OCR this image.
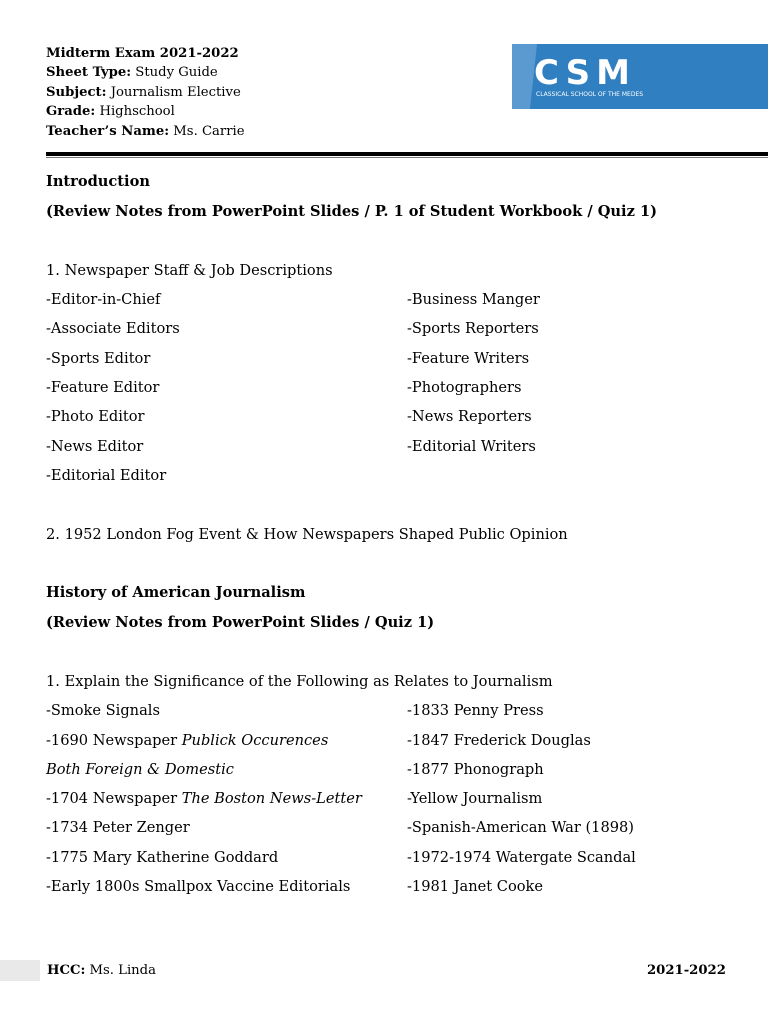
Midterm Exam 2021-2022
Sheet Type: Study Guide
Subject: Journalism Elective
Grade: Highschool
Teacher’s Name: Ms. Carrie
CSM
CLASSICAL SCHOOL OF THE MEDES
Introduction
(Review Notes from PowerPoint Slides / P. 1 of Student Workbook / Quiz 1)
1. Newspaper Staff & Job Descriptions
-Editor-in-Chief
-Associate Editors
-Sports Editor
-Feature Editor
-Photo Editor
-News Editor
-Editorial Editor
-Business Manger
-Sports Reporters
-Feature Writers
-Photographers
-News Reporters
-Editorial Writers
2. 1952 London Fog Event & How Newspapers Shaped Public Opinion
History of American Journalism
(Review Notes from PowerPoint Slides / Quiz 1)
1. Explain the Significance of the Following as Relates to Journalism
-Smoke Signals
-1690 Newspaper Publick Occurences
Both Foreign & Domestic
-1704 Newspaper The Boston News-Letter
-1734 Peter Zenger
-1775 Mary Katherine Goddard
-Early 1800s Smallpox Vaccine Editorials
-1833 Penny Press
-1847 Frederick Douglas
-1877 Phonograph
-Yellow Journalism
-Spanish-American War (1898)
-1972-1974 Watergate Scandal
-1981 Janet Cooke
HCC: Ms. Linda	2021-2022
